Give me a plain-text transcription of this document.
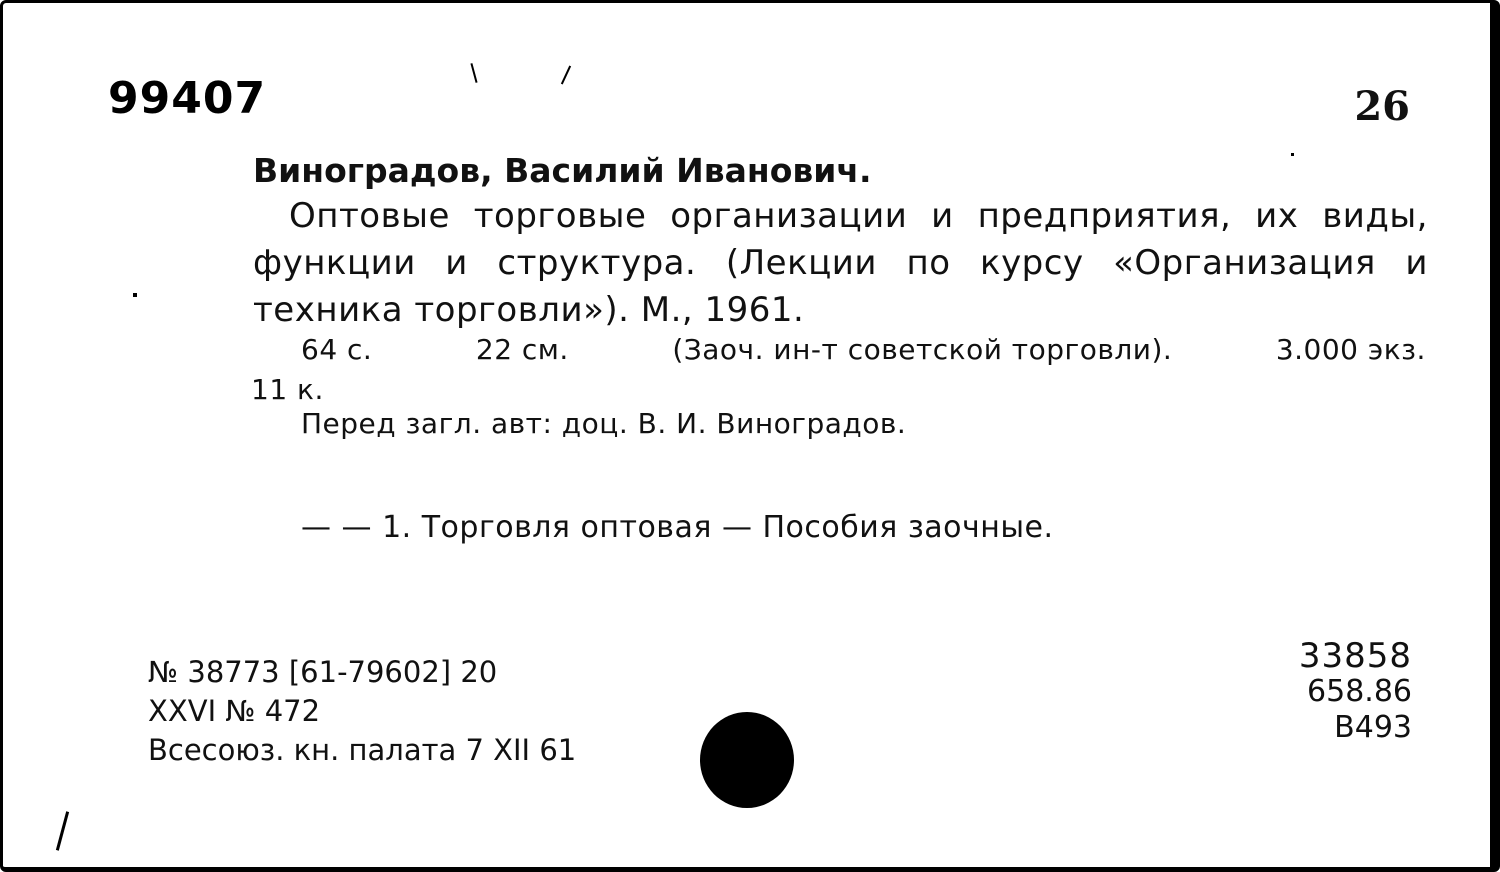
99407	26
Виноградов, Василий Иванович.
Оптовые торговые организации и предприятия, их виды, функции и структура. (Лекции по курсу «Организация и техника торговли»). М., 1961.
64 с.	22 см.	(Заоч. ин-т советской торговли).	3.000 экз.
11 к.
Перед загл. авт: доц. В. И. Виноградов.
— — 1. Торговля оптовая — Пособия заочные.
№ 38773 [61-79602] 20
XXVI № 472
Всесоюз. кн. палата 7 XII 61
33858
658.86
В493
